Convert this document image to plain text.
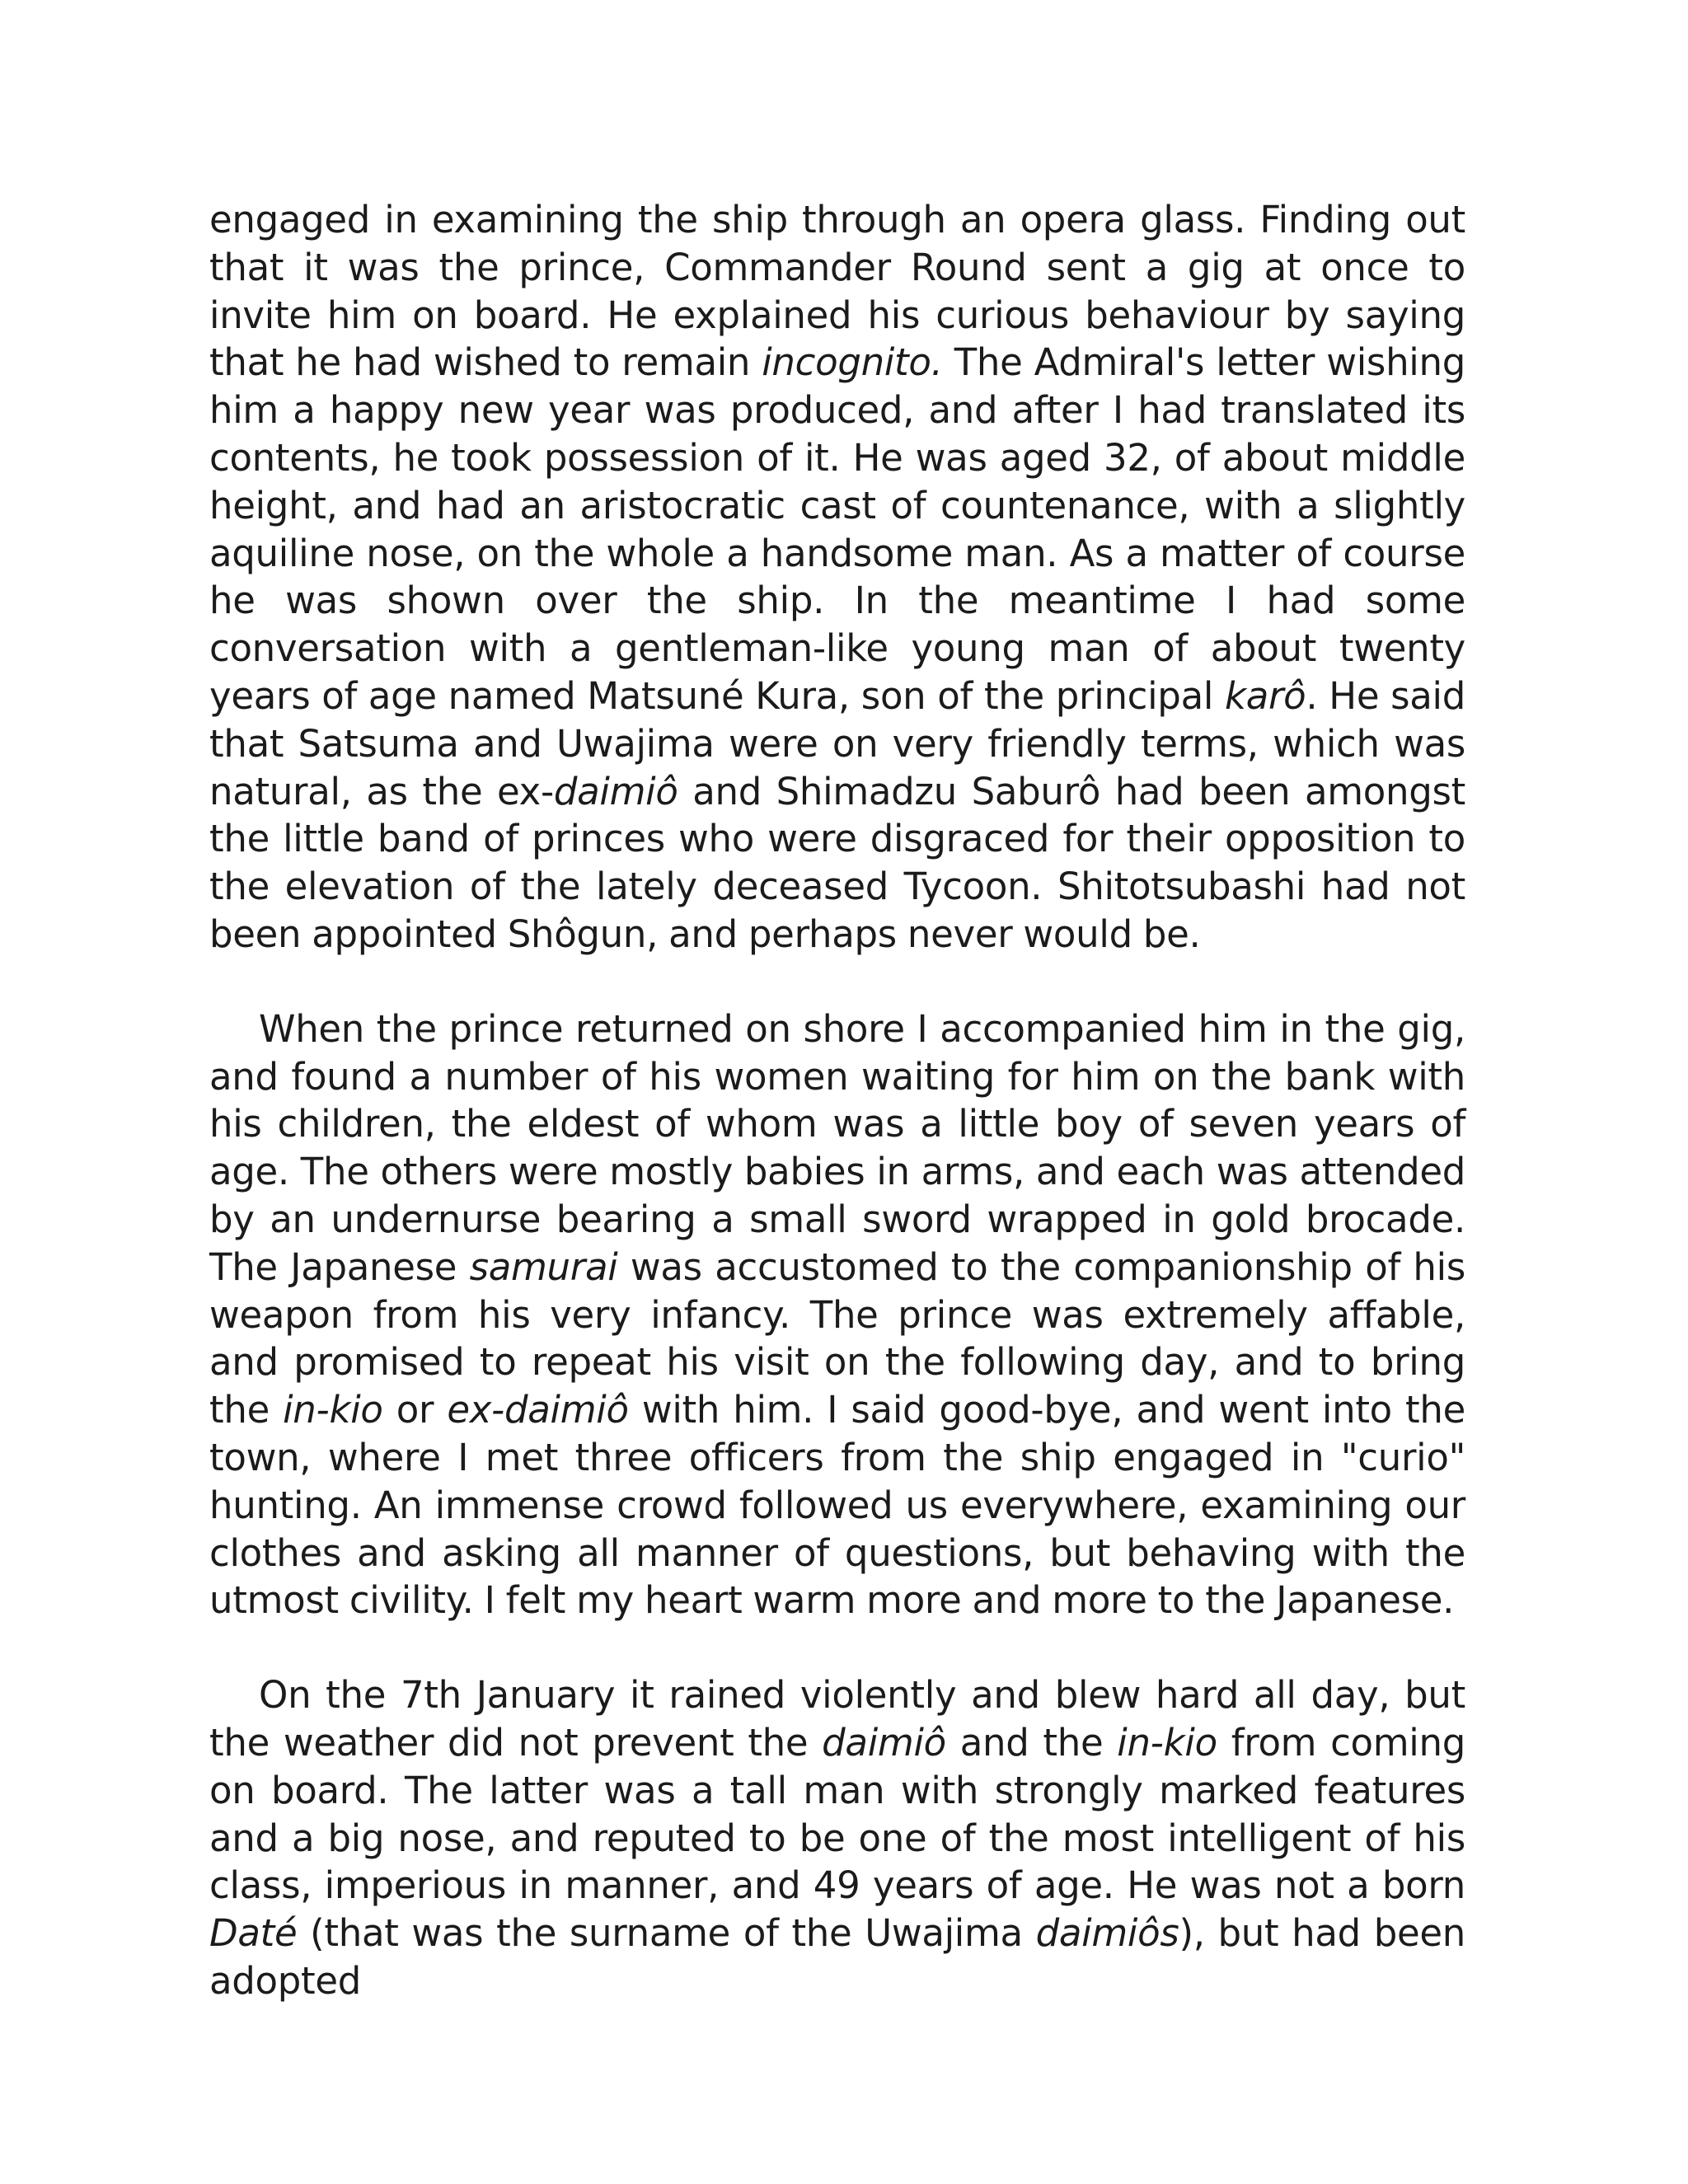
engaged in examining the ship through an opera glass. Finding out that it was the prince, Commander Round sent a gig at once to invite him on board. He explained his curious behaviour by saying that he had wished to remain incognito. The Admiral's letter wishing him a happy new year was produced, and after I had translated its contents, he took possession of it. He was aged 32, of about middle height, and had an aristocratic cast of countenance, with a slightly aquiline nose, on the whole a handsome man. As a matter of course he was shown over the ship. In the meantime I had some conversation with a gentleman-like young man of about twenty years of age named Matsuné Kura, son of the principal karô. He said that Satsuma and Uwajima were on very friendly terms, which was natural, as the ex-daimiô and Shimadzu Saburô had been amongst the little band of princes who were disgraced for their opposition to the elevation of the lately deceased Tycoon. Shitotsubashi had not been appointed Shôgun, and perhaps never would be.

When the prince returned on shore I accompanied him in the gig, and found a number of his women waiting for him on the bank with his children, the eldest of whom was a little boy of seven years of age. The others were mostly babies in arms, and each was attended by an undernurse bearing a small sword wrapped in gold brocade. The Japanese samurai was accustomed to the companionship of his weapon from his very infancy. The prince was extremely affable, and promised to repeat his visit on the following day, and to bring the in-kio or ex-daimiô with him. I said good-bye, and went into the town, where I met three officers from the ship engaged in "curio" hunting. An immense crowd followed us everywhere, examining our clothes and asking all manner of questions, but behaving with the utmost civility. I felt my heart warm more and more to the Japanese.

On the 7th January it rained violently and blew hard all day, but the weather did not prevent the daimiô and the in-kio from coming on board. The latter was a tall man with strongly marked features and a big nose, and reputed to be one of the most intelligent of his class, imperious in manner, and 49 years of age. He was not a born Daté (that was the surname of the Uwajima daimiôs), but had been adopted
